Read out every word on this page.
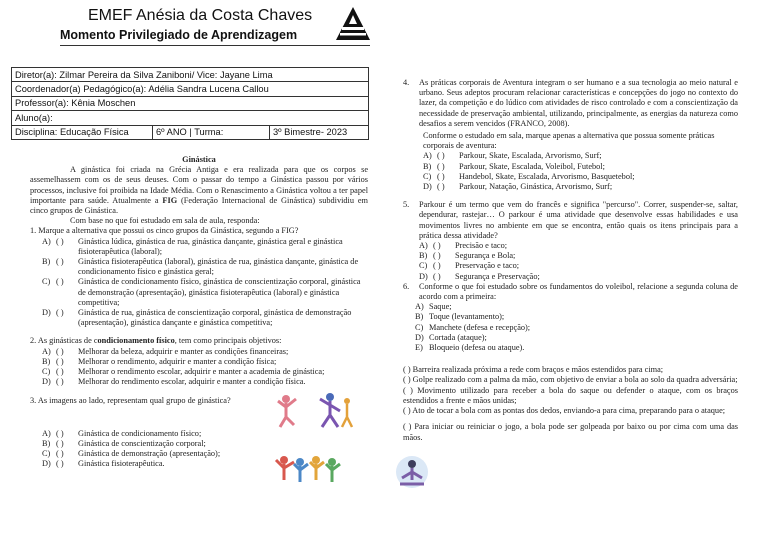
EMEF Anésia da Costa Chaves
Momento Privilegiado de Aprendizagem
Diretor(a): Zilmar Pereira da Silva Zaniboni/ Vice: Jayane Lima
Coordenador(a) Pedagógico(a): Adélia Sandra Lucena Callou
Professor(a): Kênia Moschen
Aluno(a):
Disciplina: Educação Física	6º ANO | Turma:	3º Bimestre- 2023

Ginástica

A ginástica foi criada na Grécia Antiga e era realizada para que os corpos se assemelhassem com os de seus deuses. Com o passar do tempo a Ginástica passou por vários processos, inclusive foi proibida na Idade Média. Com o Renascimento a Ginástica voltou a ter papel importante para saúde. Atualmente a FIG (Federação Internacional de Ginástica) subdividiu em cinco grupos de Ginástica.

Com base no que foi estudado em sala de aula, responda:

1. Marque a alternativa que possui os cinco grupos da Ginástica, segundo a FIG?

A) ( )	Ginástica lúdica, ginástica de rua, ginástica dançante, ginástica geral e ginástica fisioterapêutica (laboral);
B) ( )	Ginástica fisioterapêutica (laboral), ginástica de rua, ginástica dançante, ginástica de condicionamento físico e ginástica geral;
C) ( )	Ginástica de condicionamento físico, ginástica de conscientização corporal, ginástica de demonstração (apresentação), ginástica fisioterapêutica (laboral) e ginástica competitiva;
D) ( )	Ginástica de rua, ginástica de conscientização corporal, ginástica de demonstração (apresentação), ginástica dançante e ginástica competitiva;

2. As ginásticas de condicionamento físico, tem como principais objetivos:

A) ( )	Melhorar da beleza, adquirir e manter as condições financeiras;
B) ( )	Melhorar o rendimento, adquirir e manter a condição física;
C) ( )	Melhorar o rendimento escolar, adquirir e manter a academia de ginástica;
D) ( )	Melhorar do rendimento escolar, adquirir e manter a condição física.

3. As imagens ao lado, representam qual grupo de ginástica?

A) ( )	Ginástica de condicionamento físico;
B) ( )	Ginástica de conscientização corporal;
C) ( )	Ginástica de demonstração (apresentação);
D) ( )	Ginástica fisioterapêutica.
4.	As práticas corporais de Aventura integram o ser humano e a sua tecnologia ao meio natural e urbano. Seus adeptos procuram relacionar características e concepções do jogo no contexto do lazer, da competição e do lúdico com atividades de risco controlado e com a conscientização da necessidade de preservação ambiental, utilizando, principalmente, as energias da natureza como desafios a serem vencidos (FRANCO, 2008).

Conforme o estudado em sala, marque apenas a alternativa que possua somente práticas corporais de aventura:

A) ( )	Parkour, Skate, Escalada, Arvorismo, Surf;
B) ( )	Parkour, Skate, Escalada, Voleibol, Futebol;
C) ( )	Handebol, Skate, Escalada, Arvorismo, Basquetebol;
D) ( )	Parkour, Natação, Ginástica, Arvorismo, Surf;
5.	Parkour é um termo que vem do francês e significa "percurso". Correr, suspender-se, saltar, dependurar, rastejar… O parkour é uma atividade que desenvolve essas habilidades e usa movimentos livres no ambiente em que se encontra, então quais os itens principais para a prática dessa atividade?
A) ( )	Precisão e taco;
B) ( )	Segurança e Bola;
C) ( )	Preservação e taco;
D) ( )	Segurança e Preservação;
6.	Conforme o que foi estudado sobre os fundamentos do voleibol, relacione a segunda coluna de acordo com a primeira:
A) Saque;
B) Toque (levantamento);
C) Manchete (defesa e recepção);
D) Cortada (ataque);
E) Bloqueio (defesa ou ataque).

( ) Barreira realizada próxima a rede com braços e mãos estendidos para cima;

( ) Golpe realizado com a palma da mão, com objetivo de enviar a bola ao solo da quadra adversária;

( ) Movimento utilizado para receber a bola do saque ou defender o ataque, com os braços estendidos a frente e mãos unidas;

( ) Ato de tocar a bola com as pontas dos dedos, enviando-a para cima, preparando para o ataque;

( ) Para iniciar ou reiniciar o jogo, a bola pode ser golpeada por baixo ou por cima com uma das mãos.
